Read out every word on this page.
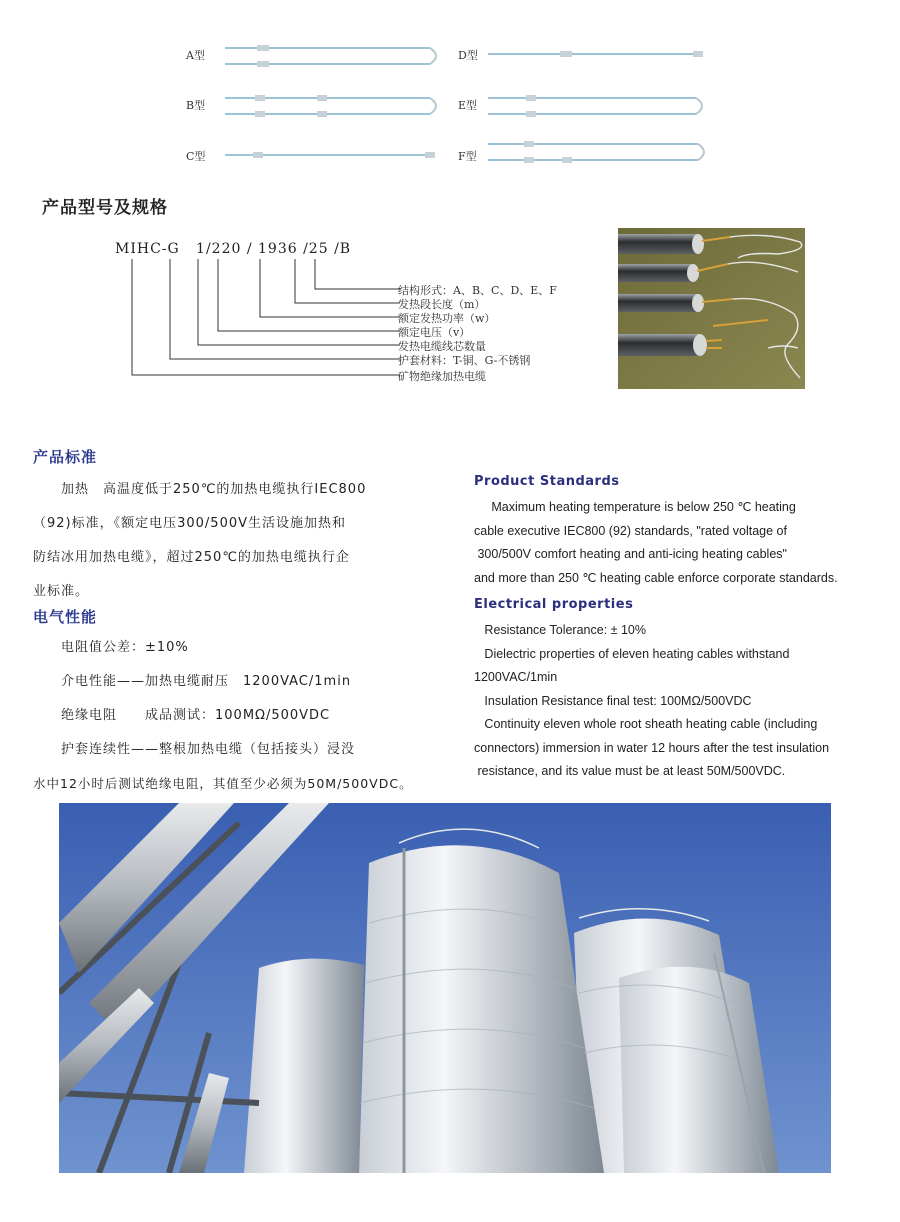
A型
B型
C型
D型
E型
F型
产品型号及规格
MIHC-G   1/220 / 1936 /25 /B
结构形式：A、B、C、D、E、F
发热段长度（m）
额定发热功率（w）
额定电压（v）
发热电缆线芯数量
护套材料：T-铜、G-不锈钢
矿物绝缘加热电缆
产品标准
　　加热　高温度低于250℃的加热电缆执行IEC800
（92)标准，《额定电压300/500V生活设施加热和
防结冰用加热电缆》，超过250℃的加热电缆执行企
业标准。
电气性能
　　电阻值公差：±10%
　　介电性能——加热电缆耐压　1200VAC/1min
　　绝缘电阻　　成品测试：100MΩ/500VDC
　　护套连续性——整根加热电缆（包括接头）浸没
水中12小时后测试绝缘电阻，其值至少必须为50M/500VDC。
Product Standards
Maximum heating temperature is below 250 ℃ heating
cable executive IEC800 (92) standards, "rated voltage of
300/500V comfort heating and anti-icing heating cables"
and more than 250 ℃ heating cable enforce corporate standards.
Electrical properties
Resistance Tolerance: ± 10%
Dielectric properties of eleven heating cables withstand
1200VAC/1min
Insulation Resistance final test: 100MΩ/500VDC
Continuity eleven whole root sheath heating cable (including
connectors) immersion in water 12 hours after the test insulation
resistance, and its value must be at least 50M/500VDC.
